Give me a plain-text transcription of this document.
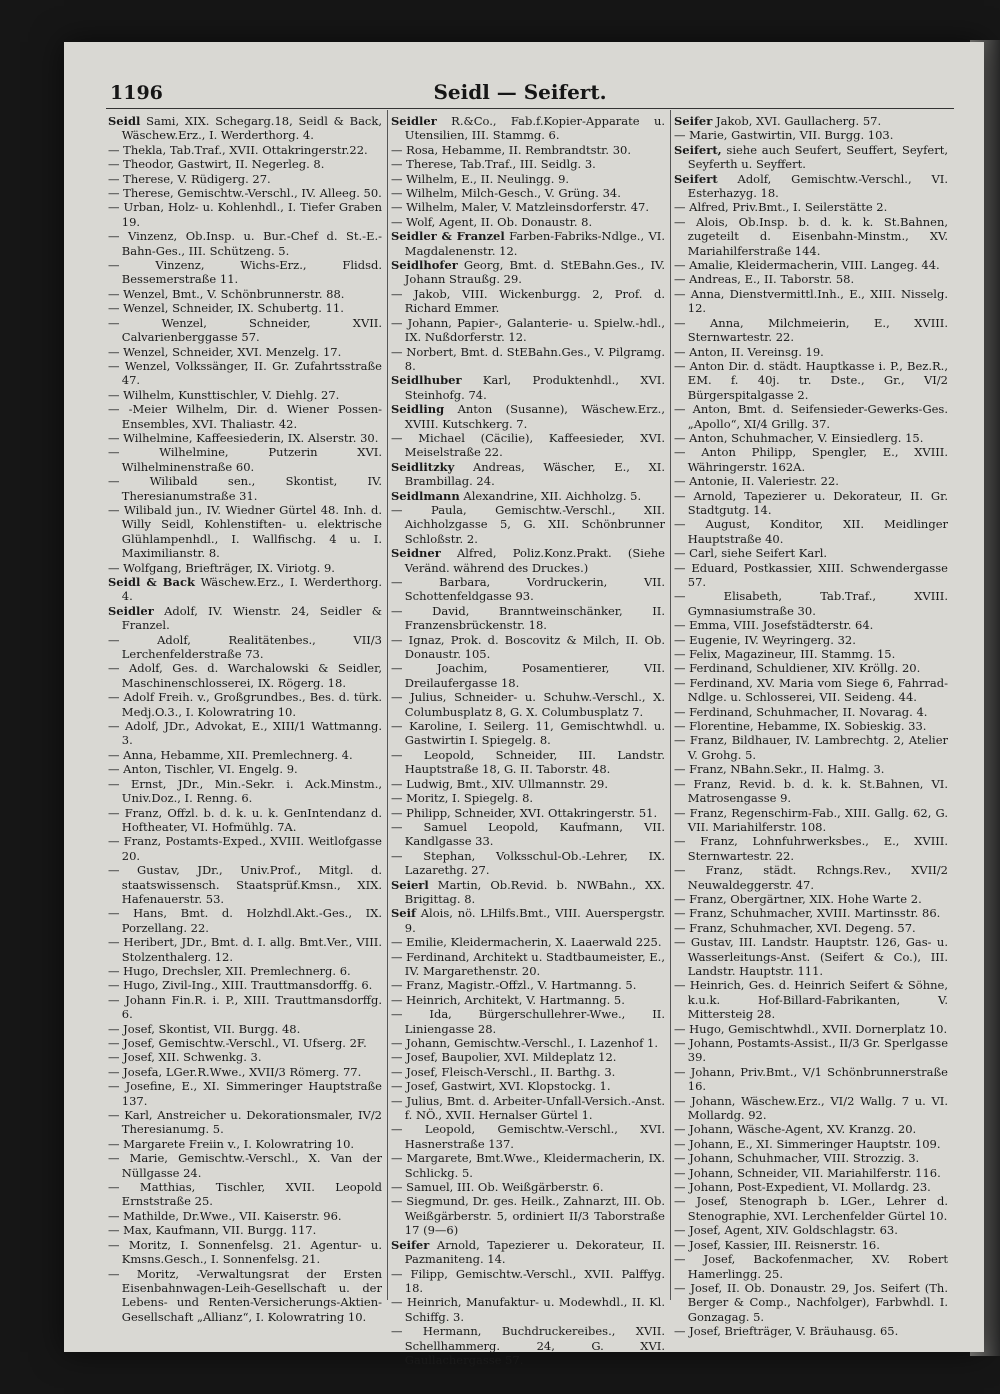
1196	Seidl — Seifert.

Seidl Sami, XIX. Schegarg.18, Seidl & Back, Wäschew.Erz., I. Werderthorg. 4.

— Thekla, Tab.Traf., XVII. Ottakringerstr.22.

— Theodor, Gastwirt, II. Negerleg. 8.

— Therese, V. Rüdigerg. 27.

— Therese, Gemischtw.-Verschl., IV. Alleeg. 50.

— Urban, Holz- u. Kohlenhdl., I. Tiefer Graben 19.

— Vinzenz, Ob.Insp. u. Bur.-Chef d. St.-E.-Bahn-Ges., III. Schützeng. 5.

— Vinzenz, Wichs-Erz., Flidsd. Bessemerstraße 11.

— Wenzel, Bmt., V. Schönbrunnerstr. 88.

— Wenzel, Schneider, IX. Schubertg. 11.

— Wenzel, Schneider, XVII. Calvarienberggasse 57.

— Wenzel, Schneider, XVI. Menzelg. 17.

— Wenzel, Volkssänger, II. Gr. Zufahrtsstraße 47.

— Wilhelm, Kunsttischler, V. Diehlg. 27.

— -Meier Wilhelm, Dir. d. Wiener Possen-Ensembles, XVI. Thaliastr. 42.

— Wilhelmine, Kaffeesiederin, IX. Alserstr. 30.

— Wilhelmine, Putzerin XVI. Wilhelminenstraße 60.

— Wilibald sen., Skontist, IV. Theresianumstraße 31.

— Wilibald jun., IV. Wiedner Gürtel 48. Inh. d. Willy Seidl, Kohlenstiften- u. elektrische Glühlampenhdl., I. Wallfischg. 4 u. I. Maximilianstr. 8.

— Wolfgang, Briefträger, IX. Viriotg. 9.

Seidl & Back Wäschew.Erz., I. Werderthorg. 4.

Seidler Adolf, IV. Wienstr. 24, Seidler & Franzel.

— Adolf, Realitätenbes., VII/3 Lerchenfelderstraße 73.

— Adolf, Ges. d. Warchalowski & Seidler, Maschinenschlosserei, IX. Rögerg. 18.

— Adolf Freih. v., Großgrundbes., Bes. d. türk. Medj.O.3., I. Kolowratring 10.

— Adolf, JDr., Advokat, E., XIII/1 Wattmanng. 3.

— Anna, Hebamme, XII. Premlechnerg. 4.

— Anton, Tischler, VI. Engelg. 9.

— Ernst, JDr., Min.-Sekr. i. Ack.Minstm., Univ.Doz., I. Renng. 6.

— Franz, Offzl. b. d. k. u. k. GenIntendanz d. Hoftheater, VI. Hofmühlg. 7A.

— Franz, Postamts-Exped., XVIII. Weitlofgasse 20.

— Gustav, JDr., Univ.Prof., Mitgl. d. staatswissensch. Staatsprüf.Kmsn., XIX. Hafenauerstr. 53.

— Hans, Bmt. d. Holzhdl.Akt.-Ges., IX. Porzellang. 22.

— Heribert, JDr., Bmt. d. I. allg. Bmt.Ver., VIII. Stolzenthalerg. 12.

— Hugo, Drechsler, XII. Premlechnerg. 6.

— Hugo, Zivil-Ing., XIII. Trauttmansdorffg. 6.

— Johann Fin.R. i. P., XIII. Trauttmansdorffg. 6.

— Josef, Skontist, VII. Burgg. 48.

— Josef, Gemischtw.-Verschl., VI. Ufserg. 2F.

— Josef, XII. Schwenkg. 3.

— Josefa, LGer.R.Wwe., XVII/3 Römerg. 77.

— Josefine, E., XI. Simmeringer Hauptstraße 137.

— Karl, Anstreicher u. Dekorationsmaler, IV/2 Theresianumg. 5.

— Margarete Freiin v., I. Kolowratring 10.

— Marie, Gemischtw.-Verschl., X. Van der Nüllgasse 24.

— Matthias, Tischler, XVII. Leopold Ernststraße 25.

— Mathilde, Dr.Wwe., VII. Kaiserstr. 96.

— Max, Kaufmann, VII. Burgg. 117.

— Moritz, I. Sonnenfelsg. 21. Agentur- u. Kmsns.Gesch., I. Sonnenfelsg. 21.

— Moritz, -Verwaltungsrat der Ersten Eisenbahnwagen-Leih-Gesellschaft u. der Lebens- und Renten-Versicherungs-Aktien-Gesellschaft „Allianz“, I. Kolowratring 10.

Seidler R.&Co., Fab.f.Kopier-Apparate u. Utensilien, III. Stammg. 6.

— Rosa, Hebamme, II. Rembrandtstr. 30.

— Therese, Tab.Traf., III. Seidlg. 3.

— Wilhelm, E., II. Neulingg. 9.

— Wilhelm, Milch-Gesch., V. Grüng. 34.

— Wilhelm, Maler, V. Matzleinsdorferstr. 47.

— Wolf, Agent, II. Ob. Donaustr. 8.

Seidler & Franzel Farben-Fabriks-Ndlge., VI. Magdalenenstr. 12.

Seidlhofer Georg, Bmt. d. StEBahn.Ges., IV. Johann Straußg. 29.

— Jakob, VIII. Wickenburgg. 2, Prof. d. Richard Emmer.

— Johann, Papier-, Galanterie- u. Spielw.-hdl., IX. Nußdorferstr. 12.

— Norbert, Bmt. d. StEBahn.Ges., V. Pilgramg. 8.

Seidlhuber Karl, Produktenhdl., XVI. Steinhofg. 74.

Seidling Anton (Susanne), Wäschew.Erz., XVIII. Kutschkerg. 7.

— Michael (Cäcilie), Kaffeesieder, XVI. Meiselstraße 22.

Seidlitzky Andreas, Wäscher, E., XI. Brambillag. 24.

Seidlmann Alexandrine, XII. Aichholzg. 5.

— Paula, Gemischtw.-Verschl., XII. Aichholzgasse 5, G. XII. Schönbrunner Schloßstr. 2.

Seidner Alfred, Poliz.Konz.Prakt. (Siehe Veränd. während des Druckes.)

— Barbara, Vordruckerin, VII. Schottenfeldgasse 93.

— David, Branntweinschänker, II. Franzensbrückenstr. 18.

— Ignaz, Prok. d. Boscovitz & Milch, II. Ob. Donaustr. 105.

— Joachim, Posamentierer, VII. Dreilaufergasse 18.

— Julius, Schneider- u. Schuhw.-Verschl., X. Columbusplatz 8, G. X. Columbusplatz 7.

— Karoline, I. Seilerg. 11, Gemischtwhdl. u. Gastwirtin I. Spiegelg. 8.

— Leopold, Schneider, III. Landstr. Hauptstraße 18, G. II. Taborstr. 48.

— Ludwig, Bmt., XIV. Ullmannstr. 29.

— Moritz, I. Spiegelg. 8.

— Philipp, Schneider, XVI. Ottakringerstr. 51.

— Samuel Leopold, Kaufmann, VII. Kandlgasse 33.

— Stephan, Volksschul-Ob.-Lehrer, IX. Lazarethg. 27.

Seierl Martin, Ob.Revid. b. NWBahn., XX. Brigittag. 8.

Seif Alois, nö. LHilfs.Bmt., VIII. Auerspergstr. 9.

— Emilie, Kleidermacherin, X. Laaerwald 225.

— Ferdinand, Architekt u. Stadtbaumeister, E., IV. Margarethenstr. 20.

— Franz, Magistr.-Offzl., V. Hartmanng. 5.

— Heinrich, Architekt, V. Hartmanng. 5.

— Ida, Bürgerschullehrer-Wwe., II. Liniengasse 28.

— Johann, Gemischtw.-Verschl., I. Lazenhof 1.

— Josef, Baupolier, XVI. Mildeplatz 12.

— Josef, Fleisch-Verschl., II. Barthg. 3.

— Josef, Gastwirt, XVI. Klopstockg. 1.

— Julius, Bmt. d. Arbeiter-Unfall-Versich.-Anst. f. NÖ., XVII. Hernalser Gürtel 1.

— Leopold, Gemischtw.-Verschl., XVI. Hasnerstraße 137.

— Margarete, Bmt.Wwe., Kleidermacherin, IX. Schlickg. 5.

— Samuel, III. Ob. Weißgärberstr. 6.

— Siegmund, Dr. ges. Heilk., Zahnarzt, III. Ob. Weißgärberstr. 5, ordiniert II/3 Taborstraße 17 (9—6)

Seifer Arnold, Tapezierer u. Dekorateur, II. Pazmaniteng. 14.

— Filipp, Gemischtw.-Verschl., XVII. Palffyg. 18.

— Heinrich, Manufaktur- u. Modewhdl., II. Kl. Schiffg. 3.

— Hermann, Buchdruckereibes., XVII. Schellhammerg. 24, G. XVI. Gaullachergasse 57.

Seifer Jakob, XVI. Gaullacherg. 57.

— Marie, Gastwirtin, VII. Burgg. 103.

Seifert, siehe auch Seufert, Seuffert, Seyfert, Seyferth u. Seyffert.

Seifert Adolf, Gemischtw.-Verschl., VI. Esterhazyg. 18.

— Alfred, Priv.Bmt., I. Seilerstätte 2.

— Alois, Ob.Insp. b. d. k. k. St.Bahnen, zugeteilt d. Eisenbahn-Minstm., XV. Mariahilferstraße 144.

— Amalie, Kleidermacherin, VIII. Langeg. 44.

— Andreas, E., II. Taborstr. 58.

— Anna, Dienstvermittl.Inh., E., XIII. Nisselg. 12.

— Anna, Milchmeierin, E., XVIII. Sternwartestr. 22.

— Anton, II. Vereinsg. 19.

— Anton Dir. d. städt. Hauptkasse i. P., Bez.R., EM. f. 40j. tr. Dste., Gr., VI/2 Bürgerspitalgasse 2.

— Anton, Bmt. d. Seifensieder-Gewerks-Ges. „Apollo“, XI/4 Grillg. 37.

— Anton, Schuhmacher, V. Einsiedlerg. 15.

— Anton Philipp, Spengler, E., XVIII. Währingerstr. 162A.

— Antonie, II. Valeriestr. 22.

— Arnold, Tapezierer u. Dekorateur, II. Gr. Stadtgutg. 14.

— August, Konditor, XII. Meidlinger Hauptstraße 40.

— Carl, siehe Seifert Karl.

— Eduard, Postkassier, XIII. Schwendergasse 57.

— Elisabeth, Tab.Traf., XVIII. Gymnasiumstraße 30.

— Emma, VIII. Josefstädterstr. 64.

— Eugenie, IV. Weyringerg. 32.

— Felix, Magazineur, III. Stammg. 15.

— Ferdinand, Schuldiener, XIV. Kröllg. 20.

— Ferdinand, XV. Maria vom Siege 6, Fahrrad-Ndlge. u. Schlosserei, VII. Seideng. 44.

— Ferdinand, Schuhmacher, II. Novarag. 4.

— Florentine, Hebamme, IX. Sobieskig. 33.

— Franz, Bildhauer, IV. Lambrechtg. 2, Atelier V. Grohg. 5.

— Franz, NBahn.Sekr., II. Halmg. 3.

— Franz, Revid. b. d. k. k. St.Bahnen, VI. Matrosengasse 9.

— Franz, Regenschirm-Fab., XIII. Gallg. 62, G. VII. Mariahilferstr. 108.

— Franz, Lohnfuhrwerksbes., E., XVIII. Sternwartestr. 22.

— Franz, städt. Rchngs.Rev., XVII/2 Neuwaldeggerstr. 47.

— Franz, Obergärtner, XIX. Hohe Warte 2.

— Franz, Schuhmacher, XVIII. Martinsstr. 86.

— Franz, Schuhmacher, XVI. Degeng. 57.

— Gustav, III. Landstr. Hauptstr. 126, Gas- u. Wasserleitungs-Anst. (Seifert & Co.), III. Landstr. Hauptstr. 111.

— Heinrich, Ges. d. Heinrich Seifert & Söhne, k.u.k. Hof-Billard-Fabrikanten, V. Mittersteig 28.

— Hugo, Gemischtwhdl., XVII. Dornerplatz 10.

— Johann, Postamts-Assist., II/3 Gr. Sperlgasse 39.

— Johann, Priv.Bmt., V/1 Schönbrunnerstraße 16.

— Johann, Wäschew.Erz., VI/2 Wallg. 7 u. VI. Mollardg. 92.

— Johann, Wäsche-Agent, XV. Kranzg. 20.

— Johann, E., XI. Simmeringer Hauptstr. 109.

— Johann, Schuhmacher, VIII. Strozzig. 3.

— Johann, Schneider, VII. Mariahilferstr. 116.

— Johann, Post-Expedient, VI. Mollardg. 23.

— Josef, Stenograph b. LGer., Lehrer d. Stenographie, XVI. Lerchenfelder Gürtel 10.

— Josef, Agent, XIV. Goldschlagstr. 63.

— Josef, Kassier, III. Reisnerstr. 16.

— Josef, Backofenmacher, XV. Robert Hamerlingg. 25.

— Josef, II. Ob. Donaustr. 29, Jos. Seifert (Th. Berger & Comp., Nachfolger), Farbwhdl. I. Gonzagag. 5.

— Josef, Briefträger, V. Bräuhausg. 65.
